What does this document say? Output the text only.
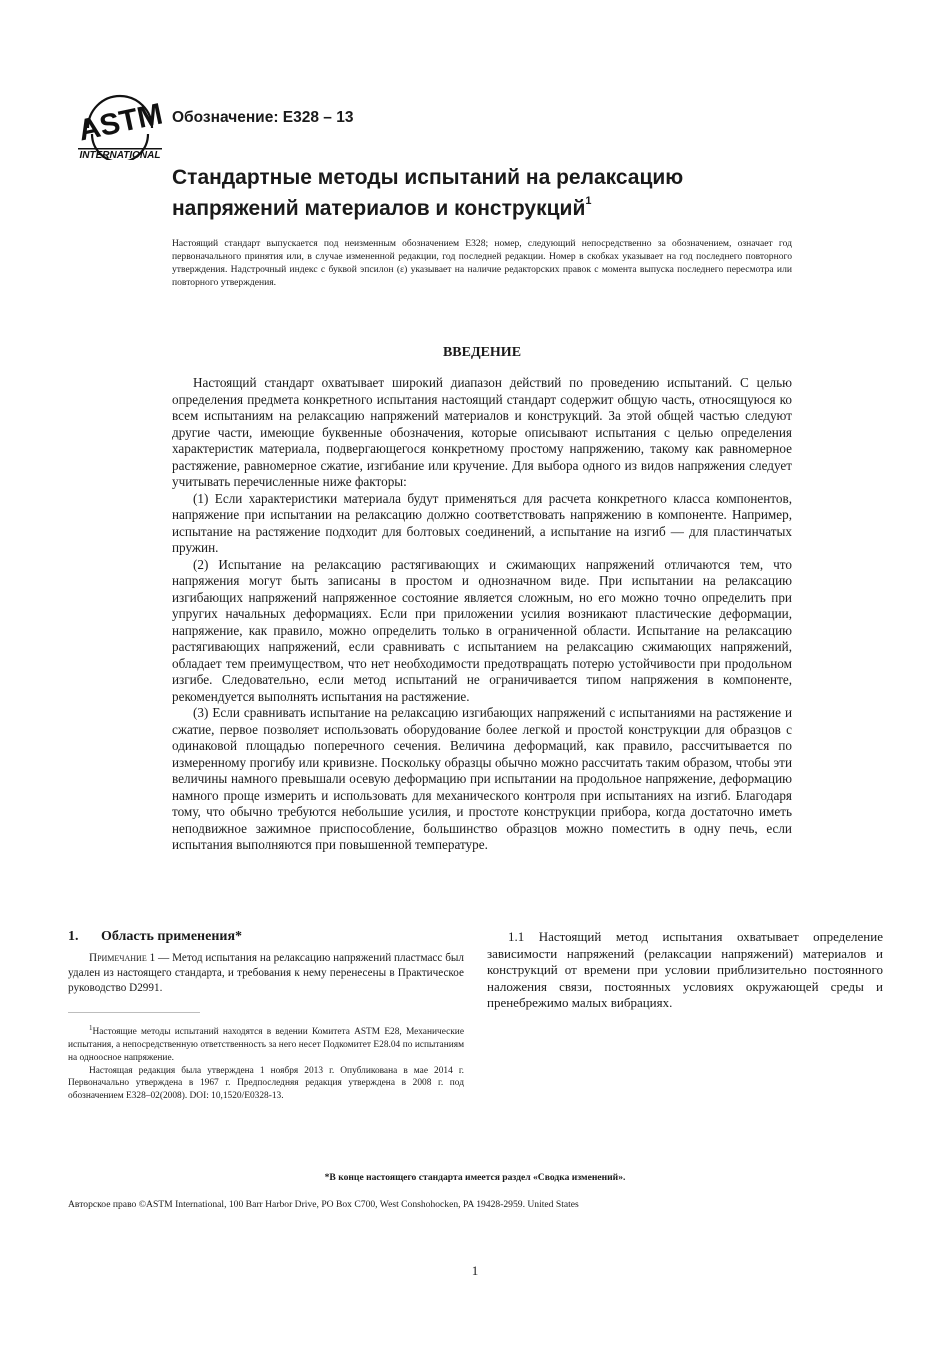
ASTM
INTERNATIONAL
Обозначение: E328 – 13
Стандартные методы испытаний на релаксацию напряжений материалов и конструкций$^1$
Настоящий стандарт выпускается под неизменным обозначением E328; номер, следующий непосредственно за обозначением, означает год первоначального принятия или, в случае измененной редакции, год последней редакции. Номер в скобках указывает на год последнего повторного утверждения. Надстрочный индекс с буквой эпсилон (ε) указывает на наличие редакторских правок с момента выпуска последнего пересмотра или повторного утверждения.
ВВЕДЕНИЕ

Настоящий стандарт охватывает широкий диапазон действий по проведению испытаний. С целью определения предмета конкретного испытания настоящий стандарт содержит общую часть, относящуюся ко всем испытаниям на релаксацию напряжений материалов и конструкций. За этой общей частью следуют другие части, имеющие буквенные обозначения, которые описывают испытания с целью определения характеристик материала, подвергающегося конкретному простому напряжению, такому как равномерное растяжение, равномерное сжатие, изгибание или кручение. Для выбора одного из видов напряжения следует учитывать перечисленные ниже факторы:

(1) Если характеристики материала будут применяться для расчета конкретного класса компонентов, напряжение при испытании на релаксацию должно соответствовать напряжению в компоненте. Например, испытание на растяжение подходит для болтовых соединений, а испытание на изгиб — для пластинчатых пружин.

(2) Испытание на релаксацию растягивающих и сжимающих напряжений отличаются тем, что напряжения могут быть записаны в простом и однозначном виде. При испытании на релаксацию изгибающих напряжений напряженное состояние является сложным, но его можно точно определить при упругих начальных деформациях. Если при приложении усилия возникают пластические деформации, напряжение, как правило, можно определить только в ограниченной области. Испытание на релаксацию растягивающих напряжений, если сравнивать с испытанием на релаксацию сжимающих напряжений, обладает тем преимуществом, что нет необходимости предотвращать потерю устойчивости при продольном изгибе. Следовательно, если метод испытаний не ограничивается типом напряжения в компоненте, рекомендуется выполнять испытания на растяжение.

(3) Если сравнивать испытание на релаксацию изгибающих напряжений с испытаниями на растяжение и сжатие, первое позволяет использовать оборудование более легкой и простой конструкции для образцов с одинаковой площадью поперечного сечения. Величина деформаций, как правило, рассчитывается по измеренному прогибу или кривизне. Поскольку образцы обычно можно рассчитать таким образом, чтобы эти величины намного превышали осевую деформацию при испытании на продольное напряжение, деформацию намного проще измерить и использовать для механического контроля при испытаниях на изгиб. Благодаря тому, что обычно требуются небольшие усилия, и простоте конструкции прибора, когда достаточно иметь неподвижное зажимное приспособление, большинство образцов можно поместить в одну печь, если испытания выполняются при повышенной температуре.

1. Область применения*
Примечание 1 — Метод испытания на релаксацию напряжений пластмасс был удален из настоящего стандарта, и требования к нему перенесены в Практическое руководство D2991.

$^1$Настоящие методы испытаний находятся в ведении Комитета ASTM E28, Механические испытания, а непосредственную ответственность за него несет Подкомитет E28.04 по испытаниям на одноосное напряжение.

Настоящая редакция была утверждена 1 ноября 2013 г. Опубликована в мае 2014 г. Первоначально утверждена в 1967 г. Предпоследняя редакция утверждена в 2008 г. под обозначением E328–02(2008). DOI: 10,1520/E0328-13.

1.1 Настоящий метод испытания охватывает определение зависимости напряжений (релаксации напряжений) материалов и конструкций от времени при условии приблизительно постоянного наложения связи, постоянных условиях окружающей среды и пренебрежимо малых вибрациях.
*В конце настоящего стандарта имеется раздел «Сводка изменений».
Авторское право ©ASTM International, 100 Barr Harbor Drive, PO Box C700, West Conshohocken, PA 19428-2959. United States
1
